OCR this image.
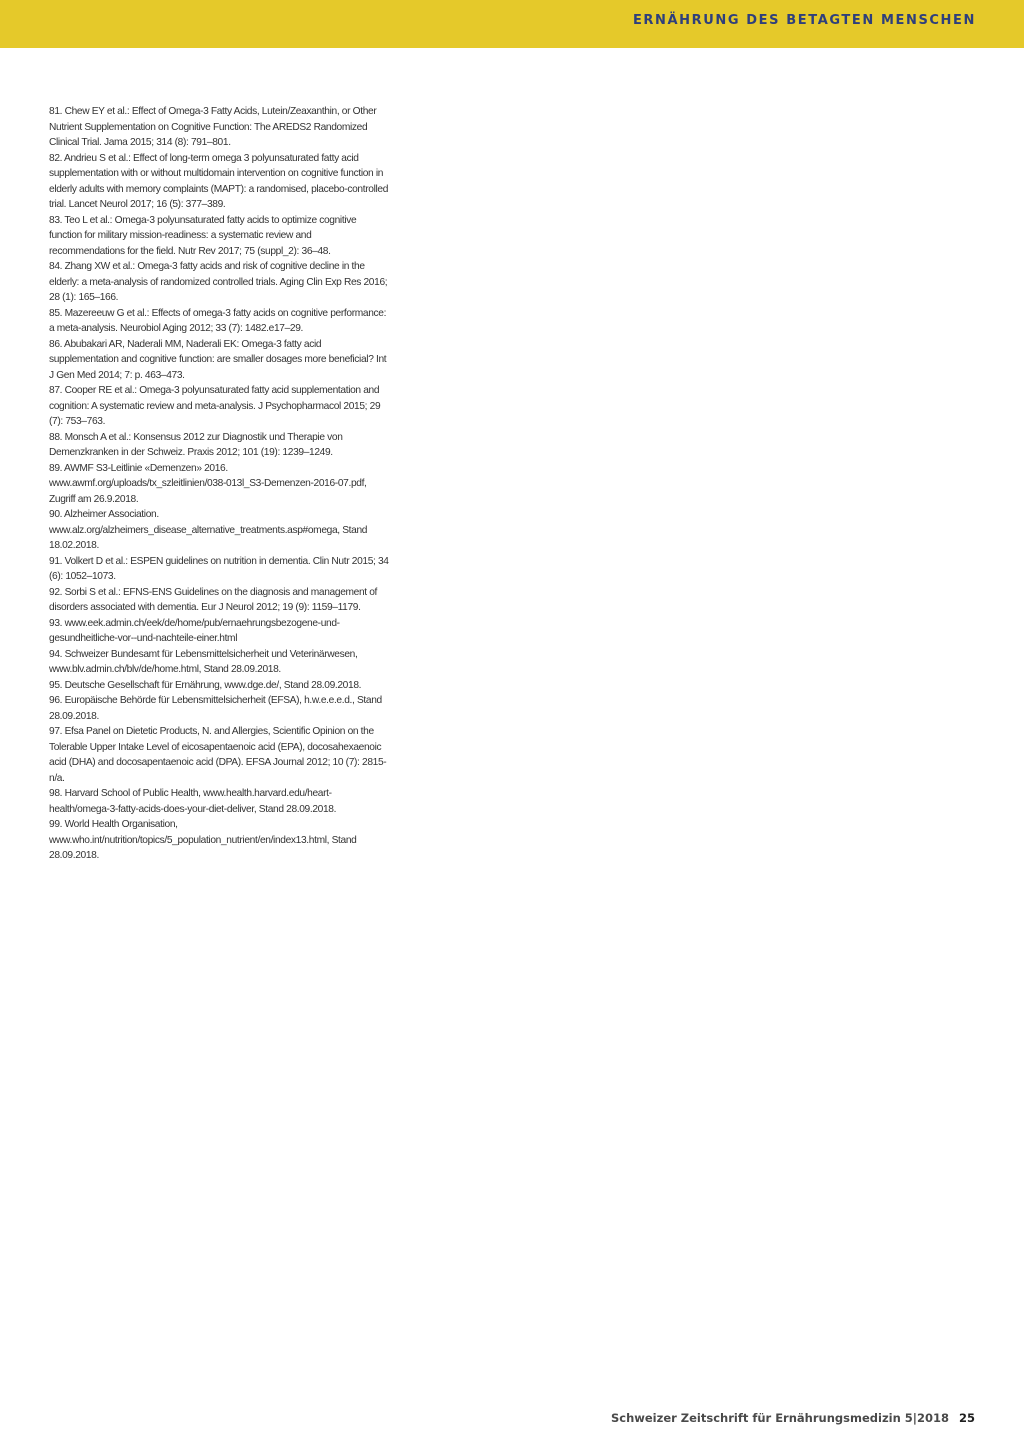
ERNÄHRUNG DES BETAGTEN MENSCHEN

81. Chew EY et al.: Effect of Omega-3 Fatty Acids, Lutein/Zeaxanthin, or Other Nutrient Supplementation on Cognitive Function: The AREDS2 Randomized Clinical Trial. Jama 2015; 314 (8): 791–801.

82. Andrieu S et al.: Effect of long-term omega 3 polyunsaturated fatty acid supplementation with or without multidomain intervention on cognitive function in elderly adults with memory complaints (MAPT): a randomised, placebo-controlled trial. Lancet Neurol 2017; 16 (5): 377–389.

83. Teo L et al.: Omega-3 polyunsaturated fatty acids to optimize cognitive function for military mission-readiness: a systematic review and recommendations for the field. Nutr Rev 2017; 75 (suppl_2): 36–48.

84. Zhang XW et al.: Omega-3 fatty acids and risk of cognitive decline in the elderly: a meta-analysis of randomized controlled trials. Aging Clin Exp Res 2016; 28 (1): 165–166.

85. Mazereeuw G et al.: Effects of omega-3 fatty acids on cognitive performance: a meta-analysis. Neurobiol Aging 2012; 33 (7): 1482.e17–29.

86. Abubakari AR, Naderali MM, Naderali EK: Omega-3 fatty acid supplementation and cognitive function: are smaller dosages more beneficial? Int J Gen Med 2014; 7: p. 463–473.

87. Cooper RE et al.: Omega-3 polyunsaturated fatty acid supplementation and cognition: A systematic review and meta-analysis. J Psychopharmacol 2015; 29 (7): 753–763.

88. Monsch A et al.: Konsensus 2012 zur Diagnostik und Therapie von Demenzkranken in der Schweiz. Praxis 2012; 101 (19): 1239–1249.

89. AWMF S3-Leitlinie «Demenzen» 2016. www.awmf.org/uploads/tx_szleitlinien/038-013l_S3-Demenzen-2016-07.pdf, Zugriff am 26.9.2018.

90. Alzheimer Association. www.alz.org/alzheimers_disease_alternative_treatments.asp#omega, Stand 18.02.2018.

91. Volkert D et al.: ESPEN guidelines on nutrition in dementia. Clin Nutr 2015; 34 (6): 1052–1073.

92. Sorbi S et al.: EFNS-ENS Guidelines on the diagnosis and management of disorders associated with dementia. Eur J Neurol 2012; 19 (9): 1159–1179.

93. www.eek.admin.ch/eek/de/home/pub/ernaehrungsbezogene-und-gesundheitliche-vor--und-nachteile-einer.html

94. Schweizer Bundesamt für Lebensmittelsicherheit und Veterinärwesen, www.blv.admin.ch/blv/de/home.html, Stand 28.09.2018.

95. Deutsche Gesellschaft für Ernährung, www.dge.de/, Stand 28.09.2018.

96. Europäische Behörde für Lebensmittelsicherheit (EFSA), h.w.e.e.e.d., Stand 28.09.2018.

97. Efsa Panel on Dietetic Products, N. and Allergies, Scientific Opinion on the Tolerable Upper Intake Level of eicosapentaenoic acid (EPA), docosahexaenoic acid (DHA) and docosapentaenoic acid (DPA). EFSA Journal 2012; 10 (7): 2815-n/a.

98. Harvard School of Public Health, www.health.harvard.edu/heart-health/omega-3-fatty-acids-does-your-diet-deliver, Stand 28.09.2018.

99. World Health Organisation, www.who.int/nutrition/topics/5_population_nutrient/en/index13.html, Stand 28.09.2018.

Schweizer Zeitschrift für Ernährungsmedizin 5|2018 25
